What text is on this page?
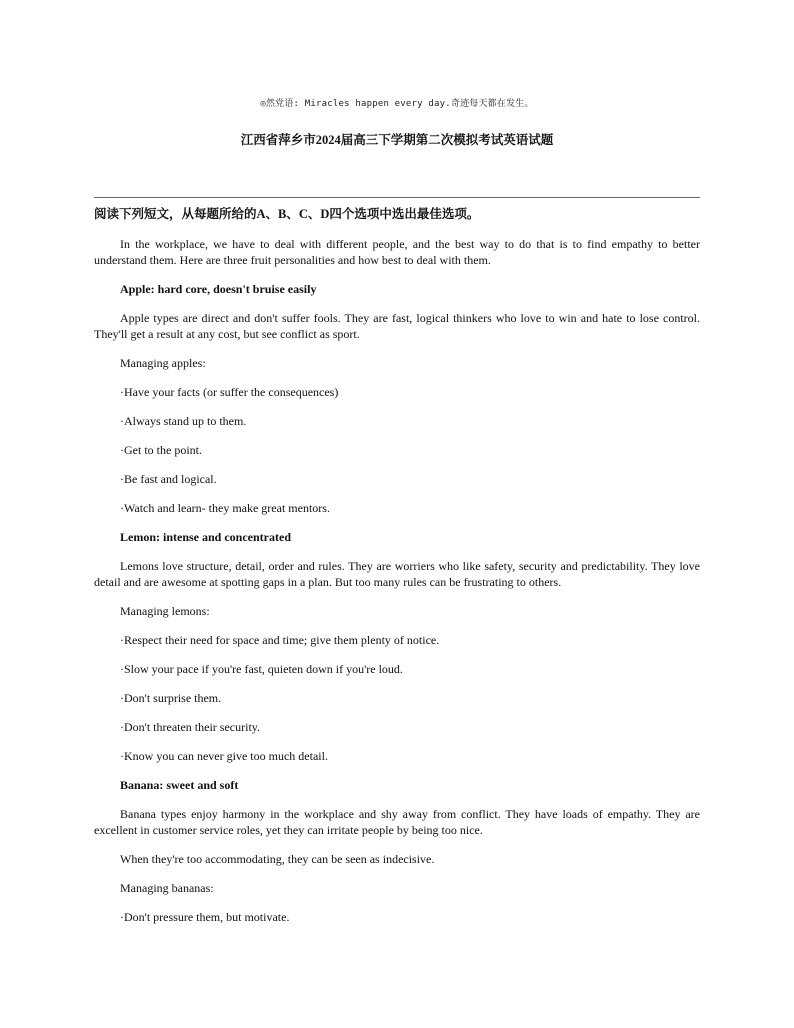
◎然党语: Miracles happen every day.奇迹每天都在发生。
江西省萍乡市2024届高三下学期第二次模拟考试英语试题
阅读下列短文，从每题所给的A、B、C、D四个选项中选出最佳选项。

In the workplace, we have to deal with different people, and the best way to do that is to find empathy to better understand them. Here are three fruit personalities and how best to deal with them.

Apple: hard core, doesn't bruise easily

Apple types are direct and don't suffer fools. They are fast, logical thinkers who love to win and hate to lose control. They'll get a result at any cost, but see conflict as sport.

Managing apples:

·Have your facts (or suffer the consequences)

·Always stand up to them.

·Get to the point.

·Be fast and logical.

·Watch and learn- they make great mentors.

Lemon: intense and concentrated

Lemons love structure, detail, order and rules. They are worriers who like safety, security and predictability. They love detail and are awesome at spotting gaps in a plan. But too many rules can be frustrating to others.

Managing lemons:

·Respect their need for space and time; give them plenty of notice.

·Slow your pace if you're fast, quieten down if you're loud.

·Don't surprise them.

·Don't threaten their security.

·Know you can never give too much detail.

Banana: sweet and soft

Banana types enjoy harmony in the workplace and shy away from conflict. They have loads of empathy. They are excellent in customer service roles, yet they can irritate people by being too nice.

When they're too accommodating, they can be seen as indecisive.

Managing bananas:

·Don't pressure them, but motivate.
